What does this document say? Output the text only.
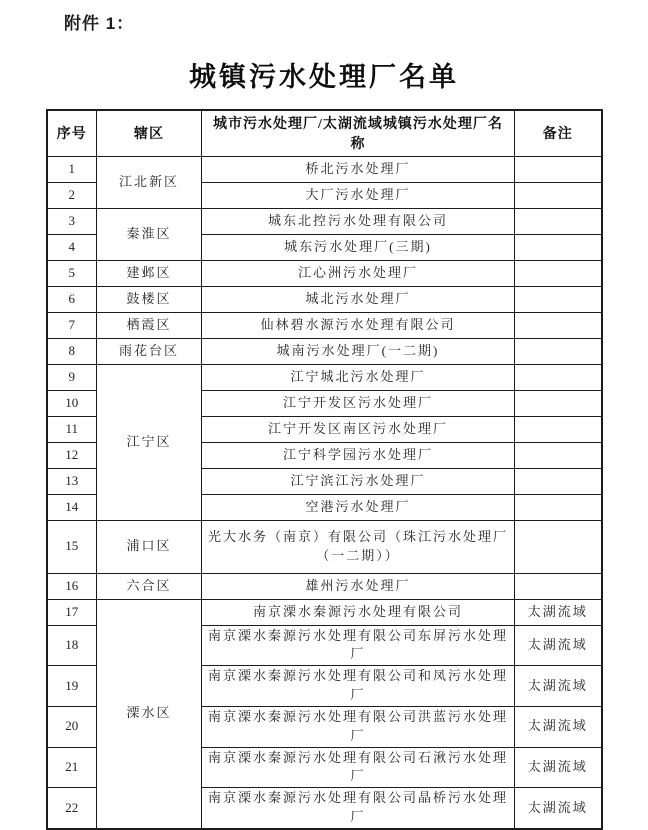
附件 1：
城镇污水处理厂名单
序号	辖区	城市污水处理厂/太湖流域城镇污水处理厂名称	备注
1	江北新区	桥北污水处理厂	
2		大厂污水处理厂	
3	秦淮区	城东北控污水处理有限公司	
4		城东污水处理厂(三期)	
5	建邺区	江心洲污水处理厂	
6	鼓楼区	城北污水处理厂	
7	栖霞区	仙林碧水源污水处理有限公司	
8	雨花台区	城南污水处理厂(一二期)	
9	江宁区	江宁城北污水处理厂	
10		江宁开发区污水处理厂	
11		江宁开发区南区污水处理厂	
12		江宁科学园污水处理厂	
13		江宁滨江污水处理厂	
14		空港污水处理厂	
15	浦口区	光大水务（南京）有限公司（珠江污水处理厂（一二期））	
16	六合区	雄州污水处理厂	
17	溧水区	南京溧水秦源污水处理有限公司	太湖流域
18		南京溧水秦源污水处理有限公司东屏污水处理厂	太湖流域
19		南京溧水秦源污水处理有限公司和凤污水处理厂	太湖流域
20		南京溧水秦源污水处理有限公司洪蓝污水处理厂	太湖流域
21		南京溧水秦源污水处理有限公司石湫污水处理厂	太湖流域
22		南京溧水秦源污水处理有限公司晶桥污水处理厂	太湖流域
